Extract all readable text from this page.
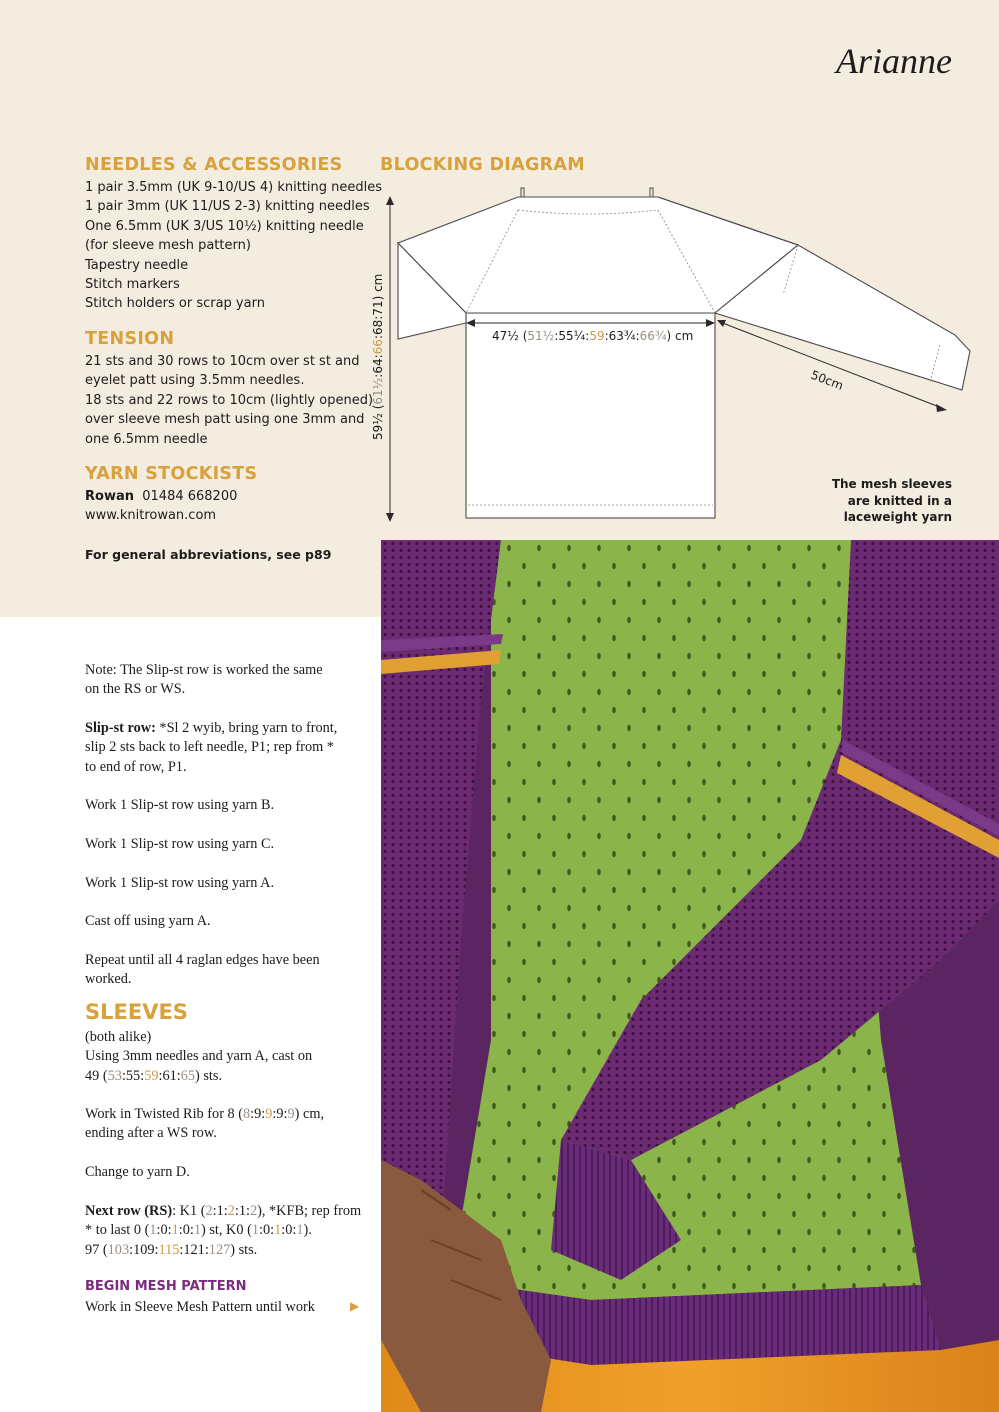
Arianne
NEEDLES & ACCESSORIES
1 pair 3.5mm (UK 9-10/US 4) knitting needles
1 pair 3mm (UK 11/US 2-3) knitting needles
One 6.5mm (UK 3/US 10½) knitting needle
(for sleeve mesh pattern)
Tapestry needle
Stitch markers
Stitch holders or scrap yarn
TENSION
21 sts and 30 rows to 10cm over st st and
eyelet patt using 3.5mm needles.
18 sts and 22 rows to 10cm (lightly opened)
over sleeve mesh patt using one 3mm and
one 6.5mm needle
YARN STOCKISTS
Rowan 01484 668200
www.knitrowan.com
For general abbreviations, see p89
BLOCKING DIAGRAM
47½ (51½:55¼:59:63¾:66¾) cm
59½ (61½:64:66:68:71) cm
50cm
The mesh sleeves
are knitted in a
laceweight yarn
Note: The Slip-st row is worked the same
on the RS or WS.
Slip-st row: *Sl 2 wyib, bring yarn to front,
slip 2 sts back to left needle, P1; rep from *
to end of row, P1.
Work 1 Slip-st row using yarn B.
Work 1 Slip-st row using yarn C.
Work 1 Slip-st row using yarn A.
Cast off using yarn A.
Repeat until all 4 raglan edges have been
worked.
SLEEVES
(both alike)
Using 3mm needles and yarn A, cast on
49 (53:55:59:61:65) sts.
Work in Twisted Rib for 8 (8:9:9:9:9) cm,
ending after a WS row.
Change to yarn D.
Next row (RS): K1 (2:1:2:1:2), *KFB; rep from
* to last 0 (1:0:1:0:1) st, K0 (1:0:1:0:1).
97 (103:109:115:121:127) sts.
BEGIN MESH PATTERN
Work in Sleeve Mesh Pattern until work	▶
